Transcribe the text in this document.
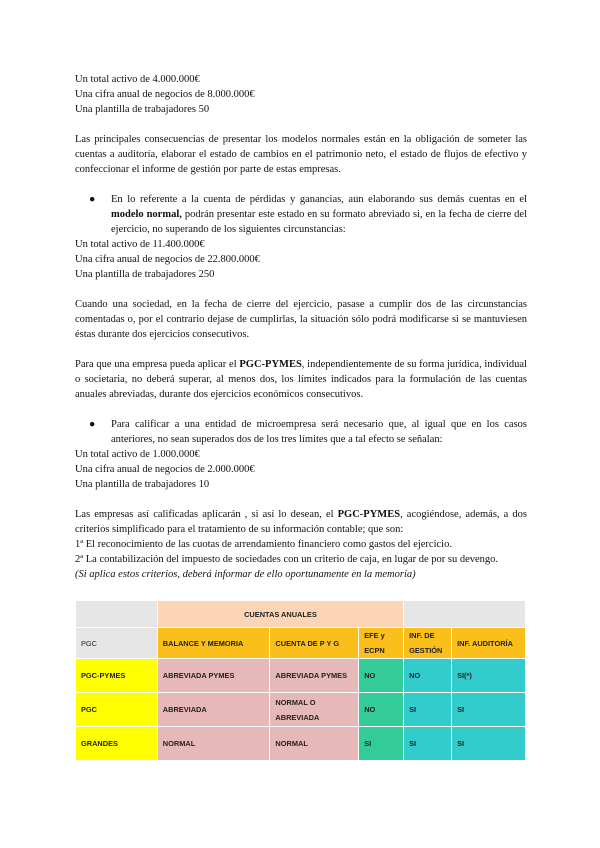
Un total activo de 4.000.000€

Una cifra anual de negocios de 8.000.000€

Una plantilla de trabajadores 50

Las principales consecuencias de presentar los modelos normales están en la obligación de someter las cuentas a auditoría, elaborar el estado de cambios en el patrimonio neto, el estado de flujos de efectivo y confeccionar el informe de gestión por parte de estas empresas.

● En lo referente a la cuenta de pérdidas y ganancias, aun elaborando sus demás cuentas en el modelo normal, podrán presentar este estado en su formato abreviado si, en la fecha de cierre del ejercicio, no superando de los siguientes circunstancias:

Un total activo de 11.400.000€

Una cifra anual de negocios de 22.800.000€

Una plantilla de trabajadores 250

Cuando una sociedad, en la fecha de cierre del ejercicio, pasase a cumplir dos de las circunstancias comentadas o, por el contrario dejase de cumplirlas, la situación sólo podrá modificarse si se mantuviesen éstas durante dos ejercicios consecutivos.

Para que una empresa pueda aplicar el PGC-PYMES, independientemente de su forma jurídica, individual o societaria, no deberá superar, al menos dos, los límites indicados para la formulación de las cuentas anuales abreviadas, durante dos ejercicios económicos consecutivos.

● Para calificar a una entidad de microempresa será necesario que, al igual que en los casos anteriores, no sean superados dos de los tres límites que a tal efecto se señalan:

Un total activo de 1.000.000€

Una cifra anual de negocios de 2.000.000€

Una plantilla de trabajadores 10

Las empresas así calificadas aplicarán , si así lo desean, el PGC-PYMES, acogiéndose, además, a dos criterios simplificado para el tratamiento de su información contable; que son:

1ª El reconocimiento de las cuotas de arrendamiento financiero como gastos del ejercicio.

2ª La contabilización del impuesto de sociedades con un criterio de caja, en lugar de por su devengo.

(Si aplica estos criterios, deberá informar de ello oportunamente en la memoria)

	CUENTAS ANUALES				
PGC	BALANCE Y MEMORIA	CUENTA DE P Y G	EFE y ECPN	INF. DE GESTIÓN	INF. AUDITORÍA
PGC-PYMES	ABREVIADA PYMES	ABREVIADA PYMES	NO	NO	SI(*)
PGC	ABREVIADA	NORMAL O ABREVIADA	NO	SI	SI
GRANDES	NORMAL	NORMAL	SI	SI	SI
